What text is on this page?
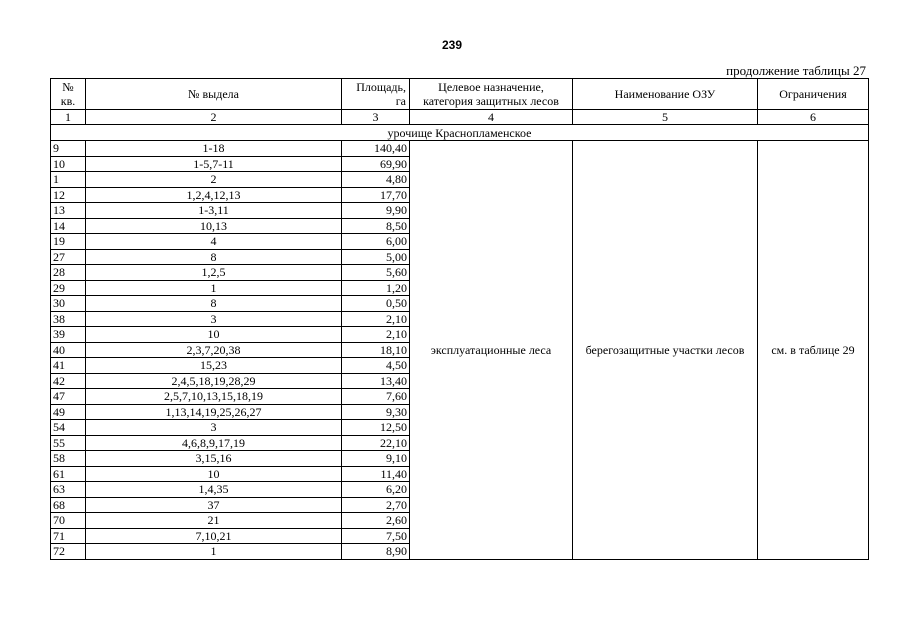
239
продолжение таблицы 27
№ кв.	№ выдела	Площадь, га	Целевое назначение, категория защитных лесов	Наименование ОЗУ	Ограничения
1	2	3	4	5	6
урочище Краснопламенское					
9	1-18	140,40	эксплуатационные леса	берегозащитные участки лесов	см. в таблице 29
10	1-5,7-11	69,90			
1	2	4,80			
12	1,2,4,12,13	17,70			
13	1-3,11	9,90			
14	10,13	8,50			
19	4	6,00			
27	8	5,00			
28	1,2,5	5,60			
29	1	1,20			
30	8	0,50			
38	3	2,10			
39	10	2,10			
40	2,3,7,20,38	18,10			
41	15,23	4,50			
42	2,4,5,18,19,28,29	13,40			
47	2,5,7,10,13,15,18,19	7,60			
49	1,13,14,19,25,26,27	9,30			
54	3	12,50			
55	4,6,8,9,17,19	22,10			
58	3,15,16	9,10			
61	10	11,40			
63	1,4,35	6,20			
68	37	2,70			
70	21	2,60			
71	7,10,21	7,50			
72	1	8,90			
